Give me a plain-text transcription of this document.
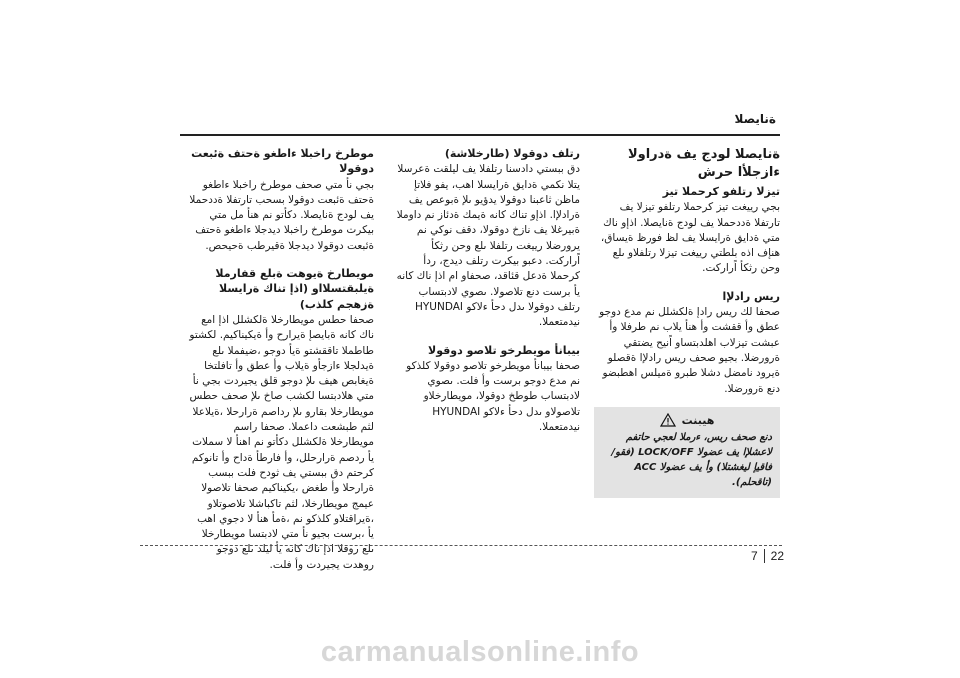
ةنايصلا
ةنايصلا لودج يف ةدراولا ءازجلأا حرش
تيزلا رتلفو كرحملا تيز
بجي رييغت تيز كرحملا رتلفو تيزلا يف تارتفلا ةددحملا يف لودج ةنايصلا. اذإو ناك متي ةدايق ةرايسلا يف لظ فورظ ةيساق، هنإف اذه بلطتي رييغت تيزلا رتلفلاو ىلع وحن رثكأ اًراركت.
ريس رادلإا
صحفا لك ريس رادإ ةلكشلل نم مدع دوجو عطق وأ ققشت وأ هنأ يلاب نم طرفلا وأ عبشت تيزلاب اهلدبتساو اًنيح يضتقي ةرورضلا. بجيو صحف ريس رادلإا ةقصلو ةيرود نامضل دشلا طبرو ةميلس اهطبضو دنع ةرورضلا.
هيبنت
دنع صحف ريس، ءرملا لعجي حاتفم لاعشلإا يف عضولا LOCK/OFF (فقو/فاقيإ ليغشتلا) وأ يف عضولا ACC (تاقحلم).
رتلف دوقولا (طارخلاشة)
دق ببستي دادسنا رتلفلا يف ليلقت ةعرسلا يتلا نكمي ةدايق ةرايسلا اهب، يفو فلاتإ ماظن ثاعبنا دوقولا يدؤيو ىلإ ةبوعص يف ةرادلإا. اذإو تناك كانه ةيمك ةدئاز نم داوملا ةبيرغلا يف نازخ دوقولا، دقف نوكي نم يرورضلا رييغت رتلفلا ىلع وحن رثكأ اًراركت. دعبو بيكرت رتلف ديدج، ردأ كرحملا ةدعل قئاقد، صحفاو ام اذإ ناك كانه يأ برست دنع تلاصولا. ىصوي لادبتساب رتلف دوقولا ىدل دحأ ءلاكو HYUNDAI نيدمتعملا.
بيبانأ مويطرخو تلاصو دوقولا
صحفا بيبانأ مويطرخو تلاصو دوقولا كلذكو نم مدع دوجو برست وأ فلت. ىصوي لادبتساب طوطخ دوقولا، مويطارخلاو تلاصولاو ىدل دحأ ءلاكو HYUNDAI نيدمتعملا.
موطرخ راخبلا ءاطغو ةحتف ةئبعت دوقولا
بجي نأ متي صحف موطرخ راخبلا ءاطغو ةحتف ةئبعت دوقولا بسحب تارتفلا ةددحملا يف لودج ةنايصلا. دكأتو نم هنأ مل متي بيكرت موطرخ راخبلا ديدجلا ءاطغو ةحتف ةئبعت دوقولا ديدجلا ةقيرطب ةحيحص.
مويطارخ ةيوهت ةبلع قفارملا ةيلبقتسلااو (اذإ تناك ةرايسلا ةزهجم كلذب)
صحفا حطس مويطارخلا ةلكشلل اذإ امع ناك كانه ةبايصإ ةيرارح وأ ةيكيناكيم. لكشتو طاطملا تاققشتو ةيأ دوجو ،ضيفملا ىلع ةيدلجلا ءازجأو ةيلاب وأ عطق وأ تافلتخا ةيغابص هيف ىلإ دوجو قلق يجيردت بجي نأ متي هلادبتسا لكشب صاخ ىلإ صحف حطس مويطارخلا بقارو ىلإ رداصم ةرارحلا ،ةيلاعلا لثم طبشعت داعملا. صحفا راسم مويطارخلا ةلكشلل دكأتو نم اهنأ لا سملات يأ ردصم ةرارحلل، وأ فارطأ ةداح وأ تانوكم كرحتم دق ببستي يف ثودح فلت ببسب ةرارحلا وأ طغض ،يكيناكيم صحفا تلاصولا عيمج مويطارخلا، لثم تاكباشلا تلاصوتلاو ،ةيراقتلاو كلذكو نم ،ةمأ هنأ لا دجوي اهب يأ ،برست بجيو نأ متي لادبتسا مويطارخلا ىلع روفلا اذإ ناك كانه يأ ليلد ىلع دوجو روهدت يجيردت وأ فلت.
7	22
carmanualsonline.info
